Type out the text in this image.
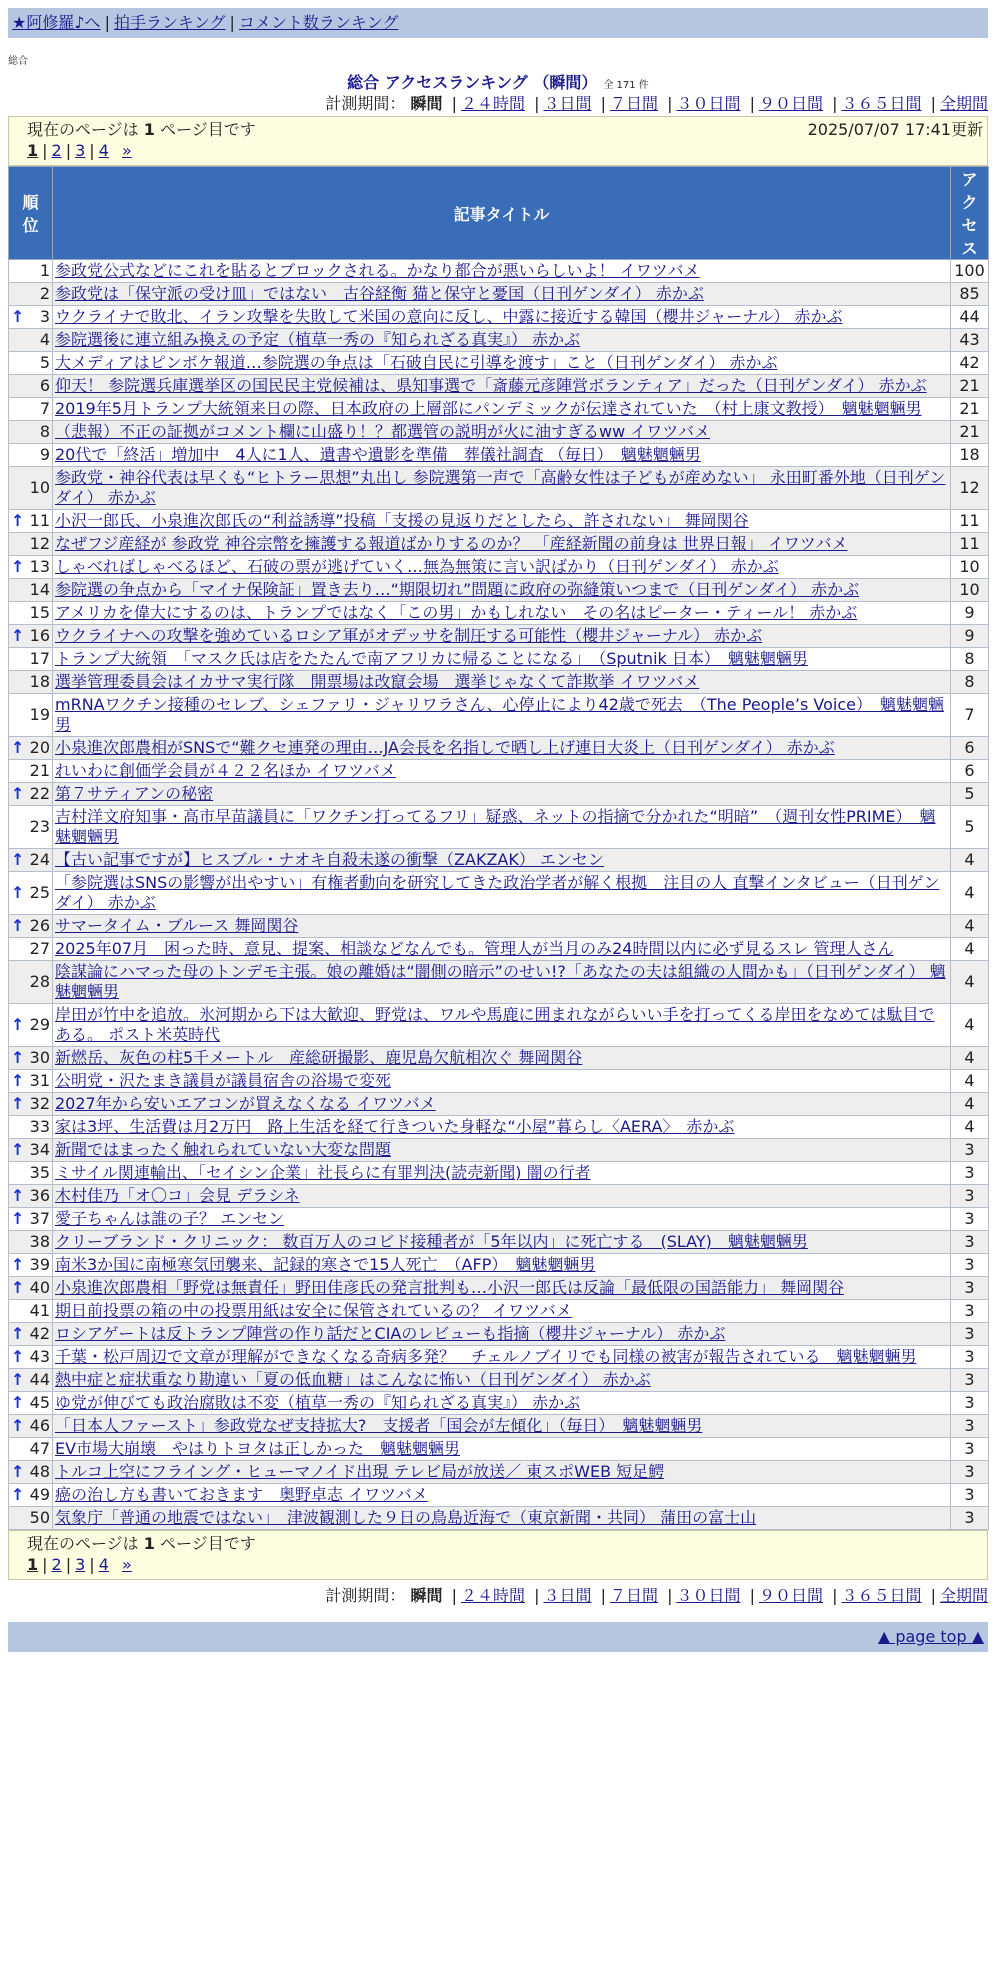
★阿修羅♪へ | 拍手ランキング | コメント数ランキング
総合
総合 アクセスランキング （瞬間） 全 171 件
計測期間： 瞬間 | ２４時間 | ３日間 | ７日間 | ３０日間 | ９０日間 | ３６５日間 | 全期間
現在のページは 1 ページ目です	2025/07/07 17:41更新
1 | 2 | 3 | 4 »
順位	記事タイトル	アクセス
1	参政党公式などにこれを貼るとブロックされる。かなり都合が悪いらしいよ！ イワツバメ	100
2	参政党は「保守派の受け皿」ではない　古谷経衡 猫と保守と憂国（日刊ゲンダイ） 赤かぶ	85

↑ 3	ウクライナで敗北、イラン攻撃を失敗して米国の意向に反し、中露に接近する韓国（櫻井ジャーナル） 赤かぶ	44
4	参院選後に連立組み換えの予定（植草一秀の『知られざる真実』） 赤かぶ	43
5	大メディアはピンボケ報道…参院選の争点は「石破自民に引導を渡す」こと（日刊ゲンダイ） 赤かぶ	42
6	仰天！ 参院選兵庫選挙区の国民民主党候補は、県知事選で「斎藤元彦陣営ボランティア」だった（日刊ゲンダイ） 赤かぶ	21
7	2019年5月トランプ大統領来日の際、日本政府の上層部にパンデミックが伝達されていた　（村上康文教授）　魑魅魍魎男	21
8	（悲報）不正の証拠がコメント欄に山盛り！？都選管の説明が火に油すぎるww イワツバメ	21
9	20代で「終活」増加中　4人に1人、遺書や遺影を準備　葬儀社調査 （毎日）　魑魅魍魎男	18
10	参政党・神谷代表は早くも“ヒトラー思想”丸出し 参院選第一声で「高齢女性は子どもが産めない」 永田町番外地（日刊ゲンダイ） 赤かぶ	12

↑ 11	小沢一郎氏、小泉進次郎氏の“利益誘導”投稿「支援の見返りだとしたら、許されない」 舞岡関谷	11
12	なぜフジ産経が 参政党 神谷宗幣を擁護する報道ばかりするのか？ 「産経新聞の前身は 世界日報」 イワツバメ	11

↑ 13	しゃべればしゃべるほど、石破の票が逃げていく…無為無策に言い訳ばかり（日刊ゲンダイ） 赤かぶ	10
14	参院選の争点から「マイナ保険証」置き去り…“期限切れ”問題に政府の弥縫策いつまで（日刊ゲンダイ） 赤かぶ	10
15	アメリカを偉大にするのは、トランプではなく「この男」かもしれない　その名はピーター・ティール！ 赤かぶ	9

↑ 16	ウクライナへの攻撃を強めているロシア軍がオデッサを制圧する可能性（櫻井ジャーナル） 赤かぶ	9
17	トランプ大統領　「マスク氏は店をたたんで南アフリカに帰ることになる」　（Sputnik 日本）　魑魅魍魎男	8
18	選挙管理委員会はイカサマ実行隊　開票場は改竄会場　選挙じゃなくて詐欺挙 イワツバメ	8
19	mRNAワクチン接種のセレブ、シェファリ・ジャリワラさん、心停止により42歳で死去　（The People’s Voice）　魑魅魍魎男	7

↑ 20	小泉進次郎農相がSNSで“難クセ連発の理由…JA会長を名指しで晒し上げ連日大炎上（日刊ゲンダイ） 赤かぶ	6
21	れいわに創価学会員が４２２名ほか イワツバメ	6

↑ 22	第７サティアンの秘密	5
23	吉村洋文府知事・高市早苗議員に「ワクチン打ってるフリ」疑惑、ネットの指摘で分かれた“明暗”　（週刊女性PRIME）　魑魅魍魎男	5

↑ 24	【古い記事ですが】ヒスブル・ナオキ自殺未遂の衝撃（ZAKZAK） エンセン	4

↑ 25	「参院選はSNSの影響が出やすい」有権者動向を研究してきた政治学者が解く根拠　注目の人 直撃インタビュー（日刊ゲンダイ） 赤かぶ	4

↑ 26	サマータイム・ブルース 舞岡関谷	4
27	2025年07月　困った時、意見、提案、相談などなんでも。管理人が当月のみ24時間以内に必ず見るスレ 管理人さん	4
28	陰謀論にハマった母のトンデモ主張。娘の離婚は“闇側の暗示”のせい!?「あなたの夫は組織の人間かも」（日刊ゲンダイ） 魑魅魍魎男	4

↑ 29	岸田が竹中を追放。氷河期から下は大歓迎、野党は、ワルや馬鹿に囲まれながらいい手を打ってくる岸田をなめては駄目である。 ポスト米英時代	4

↑ 30	新燃岳、灰色の柱5千メートル　産総研撮影、鹿児島欠航相次ぐ 舞岡関谷	4

↑ 31	公明党・沢たまき議員が議員宿舎の浴場で変死	4

↑ 32	2027年から安いエアコンが買えなくなる イワツバメ	4
33	家は3坪、生活費は月2万円　路上生活を経て行きついた身軽な“小屋”暮らし〈AERA〉　赤かぶ	4

↑ 34	新聞ではまったく触れられていない大変な問題	3
35	ミサイル関連輸出、「セイシン企業」社長らに有罪判決(読売新聞) 闇の行者	3

↑ 36	木村佳乃「オ〇コ」会見 デラシネ	3

↑ 37	愛子ちゃんは誰の子？ エンセン	3
38	クリーブランド・クリニック： 数百万人のコビド接種者が「5年以内」に死亡する　(SLAY)　魑魅魍魎男	3

↑ 39	南米3か国に南極寒気団襲来、記録的寒さで15人死亡　（AFP）　魑魅魍魎男	3

↑ 40	小泉進次郎農相「野党は無責任」野田佳彦氏の発言批判も…小沢一郎氏は反論「最低限の国語能力」 舞岡関谷	3
41	期日前投票の箱の中の投票用紙は安全に保管されているの？ イワツバメ	3

↑ 42	ロシアゲートは反トランプ陣営の作り話だとCIAのレビューも指摘（櫻井ジャーナル） 赤かぶ	3

↑ 43	千葉・松戸周辺で文章が理解ができなくなる奇病多発？　チェルノブイリでも同様の被害が報告されている　魑魅魍魎男	3

↑ 44	熱中症と症状重なり勘違い「夏の低血糖」はこんなに怖い（日刊ゲンダイ） 赤かぶ	3

↑ 45	ゆ党が伸びても政治腐敗は不変（植草一秀の『知られざる真実』） 赤かぶ	3

↑ 46	「日本人ファースト」参政党なぜ支持拡大?　支援者「国会が左傾化」（毎日）　魑魅魍魎男	3
47	EV市場大崩壊　やはりトヨタは正しかった　魑魅魍魎男	3

↑ 48	トルコ上空にフライング・ヒューマノイド出現 テレビ局が放送／ 東スポWEB 短足鰐	3

↑ 49	癌の治し方も書いておきます　奥野卓志 イワツバメ	3
50	気象庁「普通の地震ではない」　津波観測した９日の鳥島近海で（東京新聞・共同） 蒲田の富士山	3
現在のページは 1 ページ目です
1 | 2 | 3 | 4 »
計測期間： 瞬間 | ２４時間 | ３日間 | ７日間 | ３０日間 | ９０日間 | ３６５日間 | 全期間
▲ page top ▲
